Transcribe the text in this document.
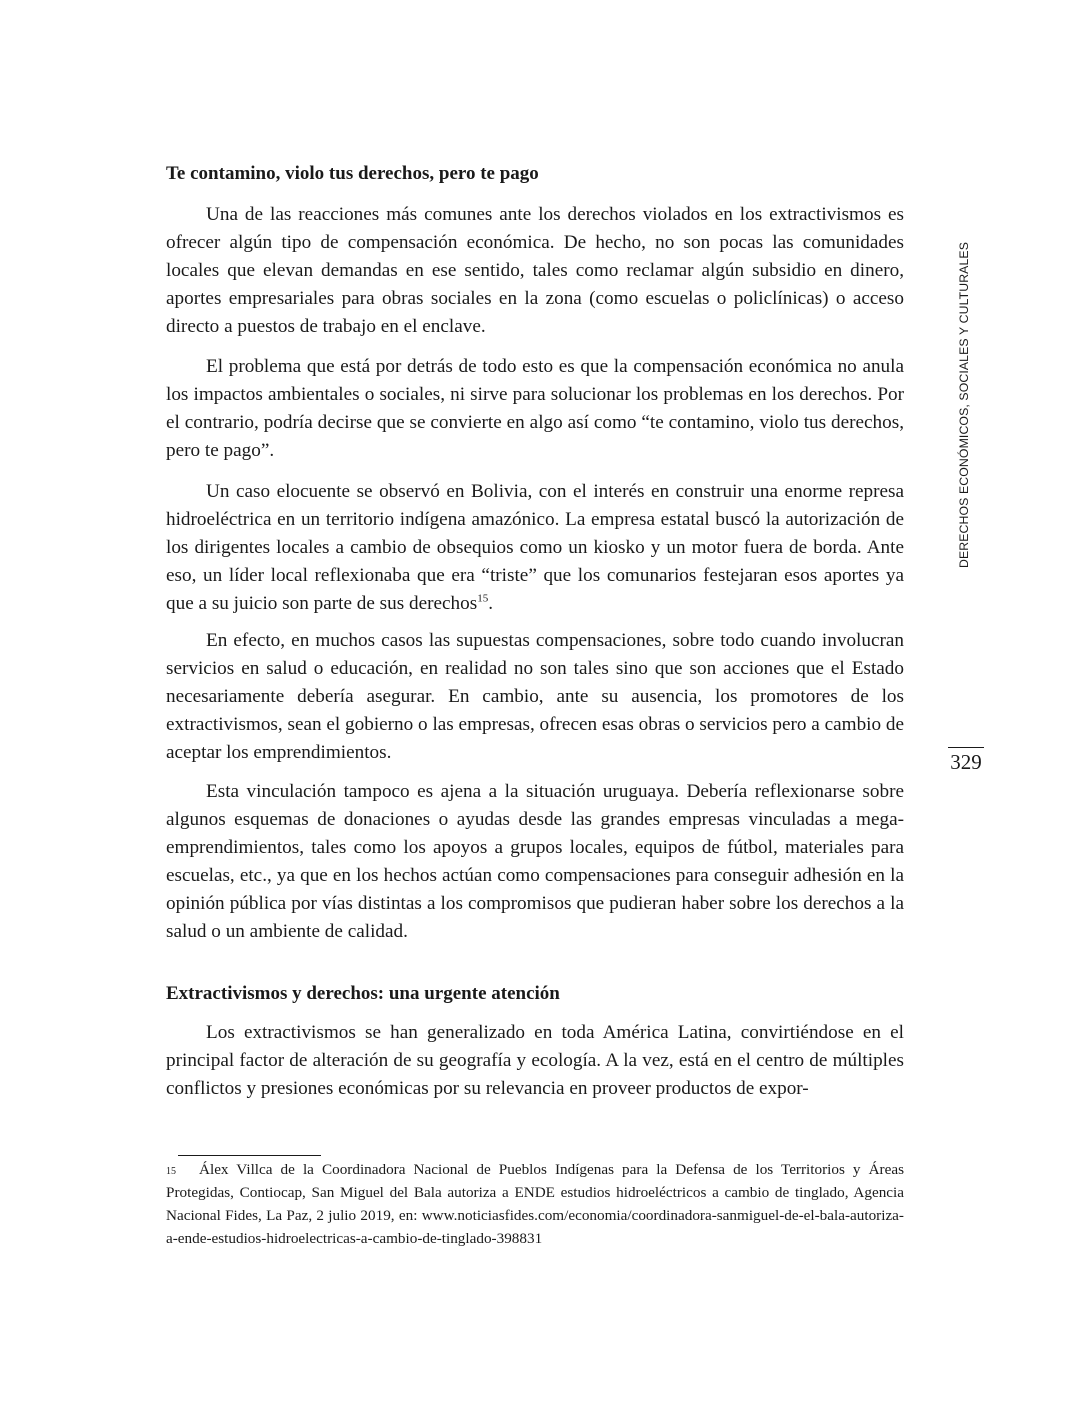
Te contamino, violo tus derechos, pero te pago

Una de las reacciones más comunes ante los derechos violados en los extractivismos es ofrecer algún tipo de compensación económica. De hecho, no son pocas las comunidades locales que elevan demandas en ese sentido, tales como reclamar algún subsidio en dinero, aportes empresariales para obras sociales en la zona (como escuelas o policlínicas) o acceso directo a puestos de trabajo en el enclave.

El problema que está por detrás de todo esto es que la compensación económica no anula los impactos ambientales o sociales, ni sirve para solucionar los problemas en los derechos. Por el contrario, podría decirse que se convierte en algo así como “te contamino, violo tus derechos, pero te pago”.

Un caso elocuente se observó en Bolivia, con el interés en construir una enorme represa hidroeléctrica en un territorio indígena amazónico. La empresa estatal buscó la autorización de los dirigentes locales a cambio de obsequios como un kiosko y un motor fuera de borda. Ante eso, un líder local reflexionaba que era “triste” que los comunarios festejaran esos aportes ya que a su juicio son parte de sus derechos$^{15}$.

En efecto, en muchos casos las supuestas compensaciones, sobre todo cuando involucran servicios en salud o educación, en realidad no son tales sino que son acciones que el Estado necesariamente debería asegurar. En cambio, ante su ausencia, los promotores de los extractivismos, sean el gobierno o las empresas, ofrecen esas obras o servicios pero a cambio de aceptar los emprendimientos.

Esta vinculación tampoco es ajena a la situación uruguaya. Debería reflexionarse sobre algunos esquemas de donaciones o ayudas desde las grandes empresas vinculadas a megaemprendimientos, tales como los apoyos a grupos locales, equipos de fútbol, materiales para escuelas, etc., ya que en los hechos actúan como compensaciones para conseguir adhesión en la opinión pública por vías distintas a los compromisos que pudieran haber sobre los derechos a la salud o un ambiente de calidad.

Extractivismos y derechos: una urgente atención

Los extractivismos se han generalizado en toda América Latina, convirtiéndose en el principal factor de alteración de su geografía y ecología. A la vez, está en el centro de múltiples conflictos y presiones económicas por su relevancia en proveer productos de expor-

$^{15}$ Álex Villca de la Coordinadora Nacional de Pueblos Indígenas para la Defensa de los Territorios y Áreas Protegidas, Contiocap, San Miguel del Bala autoriza a ENDE estudios hidroeléctricos a cambio de tinglado, Agencia Nacional Fides, La Paz, 2 julio 2019, en: www.noticiasfides.com/economia/coordinadora-sanmiguel-de-el-bala-autoriza-a-ende-estudios-hidroelectricas-a-cambio-de-tinglado-398831

DERECHOS ECONÓMICOS, SOCIALES Y CULTURALES
329
